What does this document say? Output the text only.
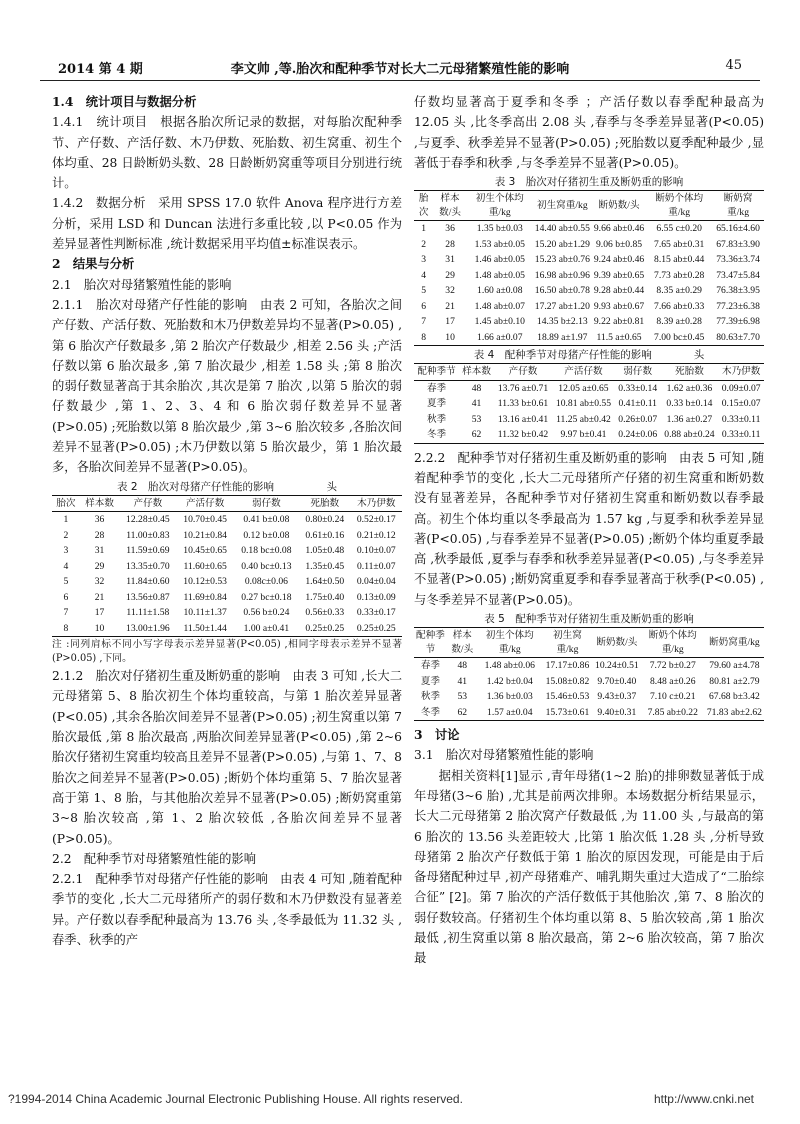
2014 第 4 期	李文帅 ,等.胎次和配种季节对长大二元母猪繁殖性能的影响	45

1.4　统计项目与数据分析

1.4.1　统计项目　根据各胎次所记录的数据，对每胎次配种季节、产仔数、产活仔数、木乃伊数、死胎数、初生窝重、初生个体均重、28 日龄断奶头数、28 日龄断奶窝重等项目分别进行统计。

1.4.2　数据分析　采用 SPSS 17.0 软件 Anova 程序进行方差分析，采用 LSD 和 Duncan 法进行多重比较 ,以 P<0.05 作为差异显著性判断标准 ,统计数据采用平均值±标准误表示。

2　结果与分析

2.1　胎次对母猪繁殖性能的影响

2.1.1　胎次对母猪产仔性能的影响　由表 2 可知，各胎次之间产仔数、产活仔数、死胎数和木乃伊数差异均不显著(P>0.05) ,第 6 胎次产仔数最多 ,第 2 胎次产仔数最少 ,相差 2.56 头 ;产活仔数以第 6 胎次最多 ,第 7 胎次最少 ,相差 1.58 头 ;第 8 胎次的弱仔数显著高于其余胎次 ,其次是第 7 胎次 ,以第 5 胎次的弱仔数最少 ,第 1、2、3、4 和 6 胎次弱仔数差异不显著(P>0.05) ;死胎数以第 8 胎次最少 ,第 3~6 胎次较多 ,各胎次间差异不显著(P>0.05) ;木乃伊数以第 5 胎次最少，第 1 胎次最多，各胎次间差异不显著(P>0.05)。

表 2　胎次对母猪产仔性能的影响　　　　　头
胎次	样本数	产仔数	产活仔数	弱仔数	死胎数	木乃伊数
1	36	12.28±0.45	10.70±0.45	0.41 b±0.08	0.80±0.24	0.52±0.17
2	28	11.00±0.83	10.21±0.84	0.12 b±0.08	0.61±0.16	0.21±0.12
3	31	11.59±0.69	10.45±0.65	0.18 bc±0.08	1.05±0.48	0.10±0.07
4	29	13.35±0.70	11.60±0.65	0.40 bc±0.13	1.35±0.45	0.11±0.07
5	32	11.84±0.60	10.12±0.53	0.08c±0.06	1.64±0.50	0.04±0.04
6	21	13.56±0.87	11.69±0.84	0.27 bc±0.18	1.75±0.40	0.13±0.09
7	17	11.11±1.58	10.11±1.37	0.56 b±0.24	0.56±0.33	0.33±0.17
8	10	13.00±1.96	11.50±1.44	1.00 a±0.41	0.25±0.25	0.25±0.25

注 :同列肩标不同小写字母表示差异显著(P<0.05) ,相同字母表示差异不显著(P>0.05) ,下同。

2.1.2　胎次对仔猪初生重及断奶重的影响　由表 3 可知 ,长大二元母猪第 5、8 胎次初生个体均重较高，与第 1 胎次差异显著(P<0.05) ,其余各胎次间差异不显著(P>0.05) ;初生窝重以第 7 胎次最低 ,第 8 胎次最高 ,两胎次间差异显著(P<0.05) ,第 2~6 胎次仔猪初生窝重均较高且差异不显著(P>0.05) ,与第 1、7、8 胎次之间差异不显著(P>0.05) ;断奶个体均重第 5、7 胎次显著高于第 1、8 胎，与其他胎次差异不显著(P>0.05) ;断奶窝重第 3~8 胎次较高 ,第 1、2 胎次较低 ,各胎次间差异不显著(P>0.05)。

2.2　配种季节对母猪繁殖性能的影响

2.2.1　配种季节对母猪产仔性能的影响　由表 4 可知 ,随着配种季节的变化 ,长大二元母猪所产的弱仔数和木乃伊数没有显著差异。产仔数以春季配种最高为 13.76 头 ,冬季最低为 11.32 头 ,春季、秋季的产

仔数均显著高于夏季和冬季 ；产活仔数以春季配种最高为 12.05 头 ,比冬季高出 2.08 头 ,春季与冬季差异显著(P<0.05) ,与夏季、秋季差异不显著(P>0.05) ;死胎数以夏季配种最少 ,显著低于春季和秋季 ,与冬季差异不显著(P>0.05)。

表 3　胎次对仔猪初生重及断奶重的影响
胎次	样本数/头	初生个体均重/kg	初生窝重/kg	断奶数/头	断奶个体均重/kg	断奶窝重/kg
1	36	1.35 b±0.03	14.40 ab±0.55	9.66 ab±0.46	6.55 c±0.20	65.16±4.60
2	28	1.53 ab±0.05	15.20 ab±1.29	9.06 b±0.85	7.65 ab±0.31	67.83±3.90
3	31	1.46 ab±0.05	15.23 ab±0.76	9.24 ab±0.46	8.15 ab±0.44	73.36±3.74
4	29	1.48 ab±0.05	16.98 ab±0.96	9.39 ab±0.65	7.73 ab±0.28	73.47±5.84
5	32	1.60 a±0.08	16.50 ab±0.78	9.28 ab±0.44	8.35 a±0.29	76.38±3.95
6	21	1.48 ab±0.07	17.27 ab±1.20	9.93 ab±0.67	7.66 ab±0.33	77.23±6.38
7	17	1.45 ab±0.10	14.35 b±2.13	9.22 ab±0.81	8.39 a±0.28	77.39±6.98
8	10	1.66 a±0.07	18.89 a±1.97	11.5 a±0.65	7.00 bc±0.45	80.63±7.70
表 4　配种季节对母猪产仔性能的影响　　　　头
配种季节	样本数	产仔数	产活仔数	弱仔数	死胎数	木乃伊数
春季	48	13.76 a±0.71	12.05 a±0.65	0.33±0.14	1.62 a±0.36	0.09±0.07
夏季	41	11.33 b±0.61	10.81 ab±0.55	0.41±0.11	0.33 b±0.14	0.15±0.07
秋季	53	13.16 a±0.41	11.25 ab±0.42	0.26±0.07	1.36 a±0.27	0.33±0.11
冬季	62	11.32 b±0.42	9.97 b±0.41	0.24±0.06	0.88 ab±0.24	0.33±0.11

2.2.2　配种季节对仔猪初生重及断奶重的影响　由表 5 可知 ,随着配种季节的变化 ,长大二元母猪所产仔猪的初生窝重和断奶数没有显著差异，各配种季节对仔猪初生窝重和断奶数以春季最高。初生个体均重以冬季最高为 1.57 kg ,与夏季和秋季差异显著(P<0.05) ,与春季差异不显著(P>0.05) ;断奶个体均重夏季最高 ,秋季最低 ,夏季与春季和秋季差异显著(P<0.05) ,与冬季差异不显著(P>0.05) ;断奶窝重夏季和春季显著高于秋季(P<0.05) ,与冬季差异不显著(P>0.05)。

表 5　配种季节对仔猪初生重及断奶重的影响
配种季节	样本数/头	初生个体均重/kg	初生窝重/kg	断奶数/头	断奶个体均重/kg	断奶窝重/kg
春季	48	1.48 ab±0.06	17.17±0.86	10.24±0.51	7.72 b±0.27	79.60 a±4.78
夏季	41	1.42 b±0.04	15.08±0.82	9.70±0.40	8.48 a±0.26	80.81 a±2.79
秋季	53	1.36 b±0.03	15.46±0.53	9.43±0.37	7.10 c±0.21	67.68 b±3.42
冬季	62	1.57 a±0.04	15.73±0.61	9.40±0.31	7.85 ab±0.22	71.83 ab±2.62

3　讨论

3.1　胎次对母猪繁殖性能的影响

据相关资料[1]显示 ,青年母猪(1~2 胎)的排卵数显著低于成年母猪(3~6 胎) ,尤其是前两次排卵。本场数据分析结果显示，长大二元母猪第 2 胎次窝产仔数最低 ,为 11.00 头 ,与最高的第 6 胎次的 13.56 头差距较大 ,比第 1 胎次低 1.28 头 ,分析导致母猪第 2 胎次产仔数低于第 1 胎次的原因发现，可能是由于后备母猪配种过早 ,初产母猪难产、哺乳期失重过大造成了“二胎综合征” [2]。第 7 胎次的产活仔数低于其他胎次 ,第 7、8 胎次的弱仔数较高。仔猪初生个体均重以第 8、5 胎次较高 ,第 1 胎次最低 ,初生窝重以第 8 胎次最高，第 2~6 胎次较高，第 7 胎次最

?1994-2014 China Academic Journal Electronic Publishing House. All rights reserved.	http://www.cnki.net
